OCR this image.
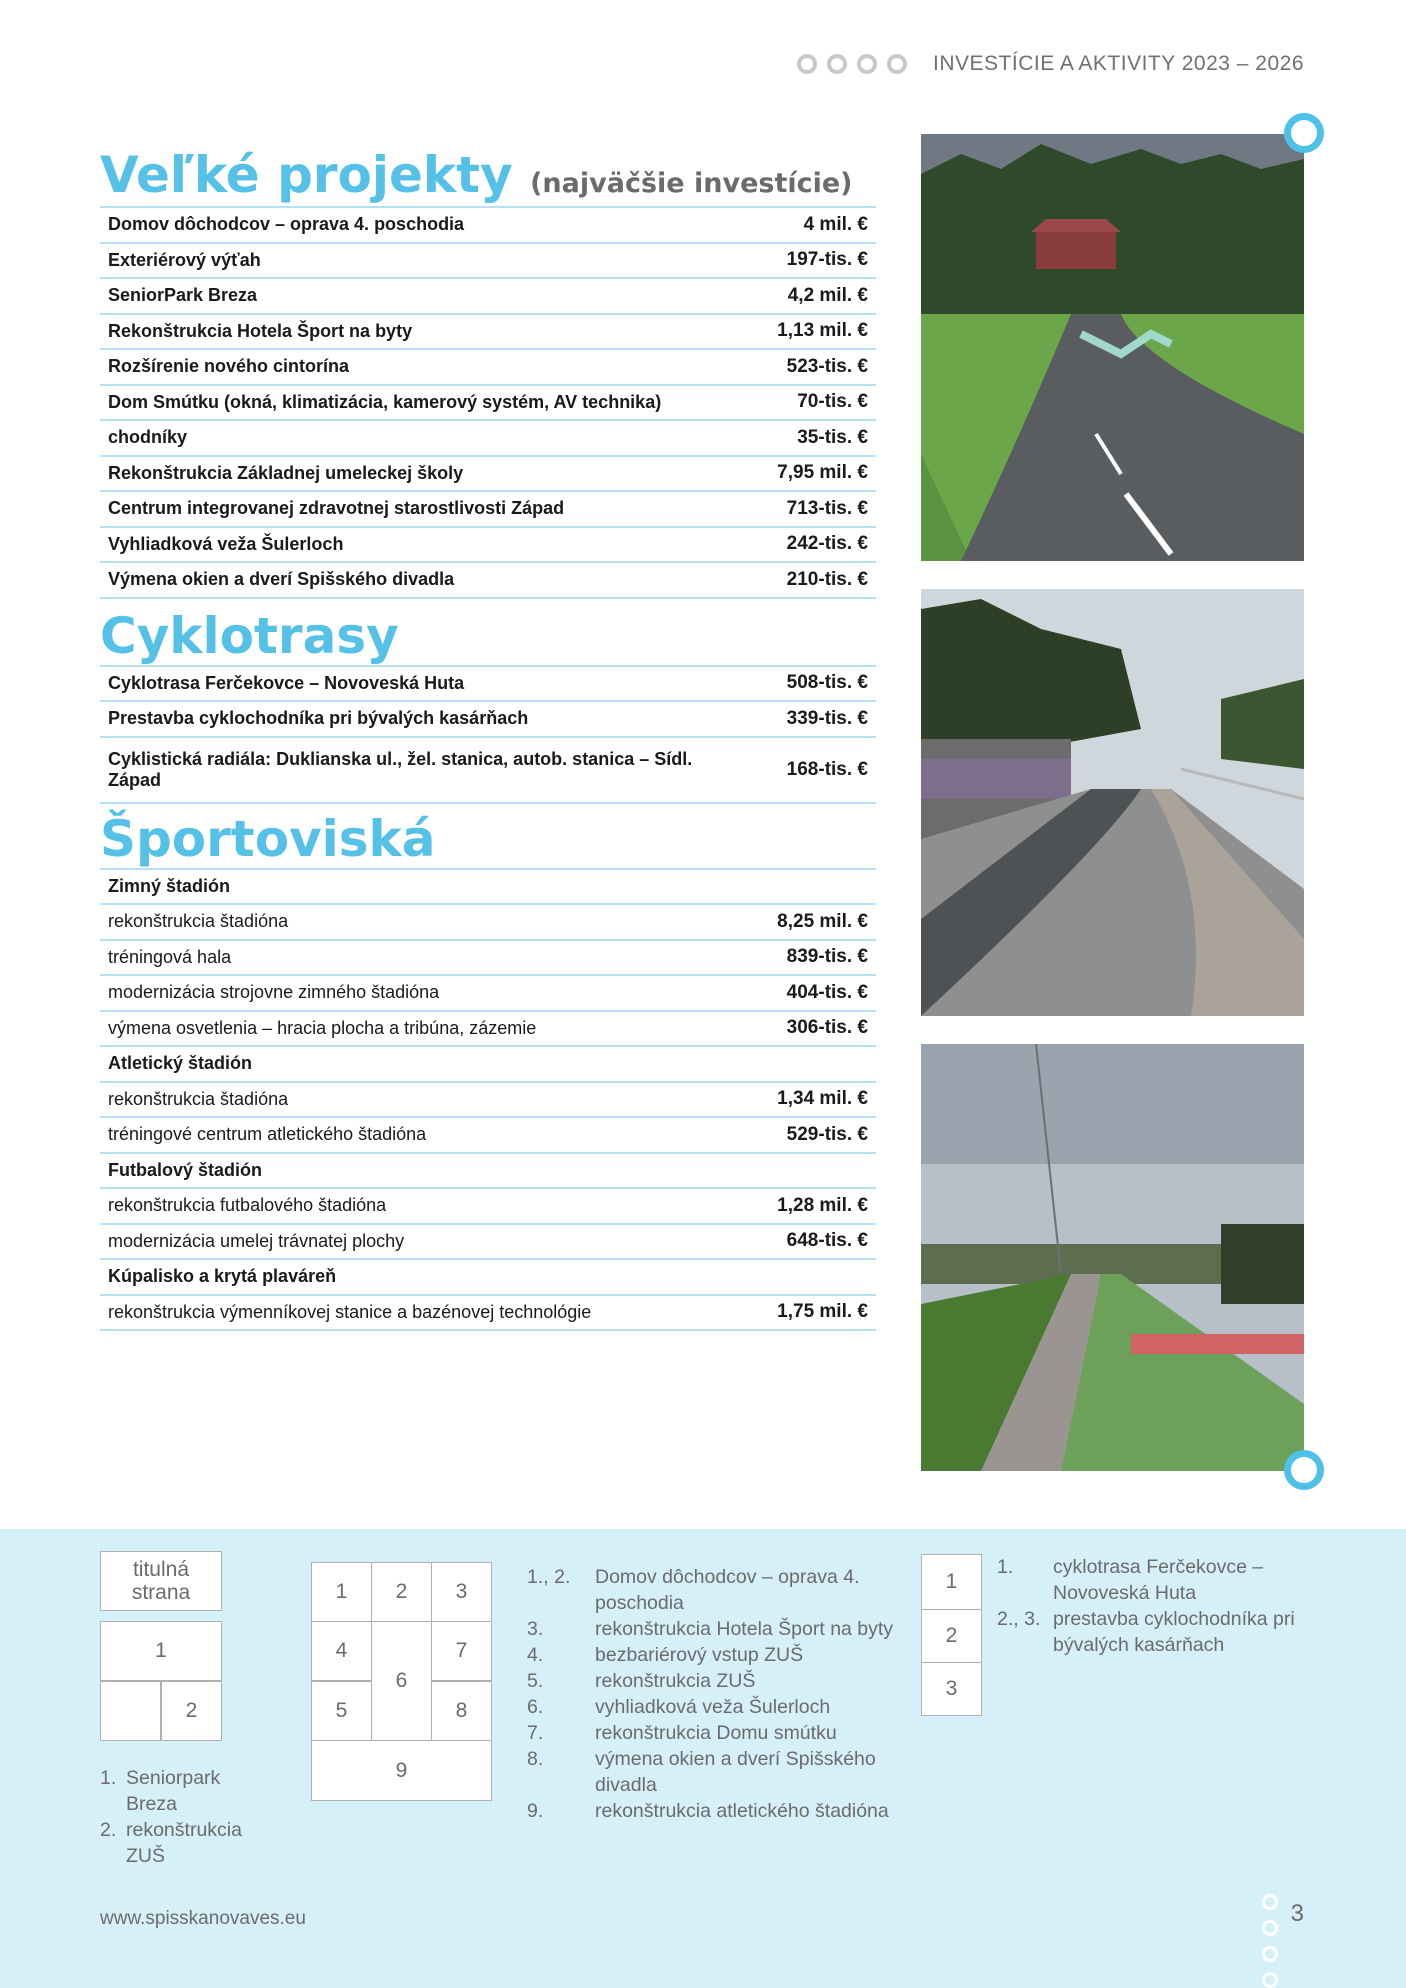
INVESTÍCIE A AKTIVITY 2023 – 2026
Veľké projekty (najväčšie investície)
Domov dôchodcov – oprava 4. poschodia	4 mil. €
Exteriérový výťah	197-tis. €
SeniorPark Breza	4,2 mil. €
Rekonštrukcia Hotela Šport na byty	1,13 mil. €
Rozšírenie nového cintorína	523-tis. €
Dom Smútku (okná, klimatizácia, kamerový systém, AV technika)	70-tis. €
chodníky	35-tis. €
Rekonštrukcia Základnej umeleckej školy	7,95 mil. €
Centrum integrovanej zdravotnej starostlivosti Západ	713-tis. €
Vyhliadková veža Šulerloch	242-tis. €
Výmena okien a dverí Spišského divadla	210-tis. €
Cyklotrasy
Cyklotrasa Ferčekovce – Novoveská Huta	508-tis. €
Prestavba cyklochodníka pri bývalých kasárňach	339-tis. €
Cyklistická radiála: Duklianska ul., žel. stanica, autob. stanica – Sídl. Západ	168-tis. €
Športoviská
Zimný štadión
rekonštrukcia štadióna	8,25 mil. €
tréningová hala	839-tis. €
modernizácia strojovne zimného štadióna	404-tis. €
výmena osvetlenia – hracia plocha a tribúna, zázemie	306-tis. €
Atletický štadión
rekonštrukcia štadióna	1,34 mil. €
tréningové centrum atletického štadióna	529-tis. €
Futbalový štadión
rekonštrukcia futbalového štadióna	1,28 mil. €
modernizácia umelej trávnatej plochy	648-tis. €
Kúpalisko a krytá plaváreň
rekonštrukcia výmenníkovej stanice a bazénovej technológie	1,75 mil. €
titulná strana
1
2
1. Seniorpark Breza
2. rekonštrukcia ZUŠ
1	2	3
4
6
7
5	8
9
1., 2.	Domov dôchodcov – oprava 4. poschodia
3.	rekonštrukcia Hotela Šport na byty
4.	bezbariérový vstup ZUŠ
5.	rekonštrukcia ZUŠ
6.	vyhliadková veža Šulerloch
7.	rekonštrukcia Domu smútku
8.	výmena okien a dverí Spišského divadla
9.	rekonštrukcia atletického štadióna
1
2
3
1.	cyklotrasa Ferčekovce – Novoveská Huta
2., 3. prestavba cyklochodníka pri bývalých kasárňach
www.spisskanovaves.eu	3
